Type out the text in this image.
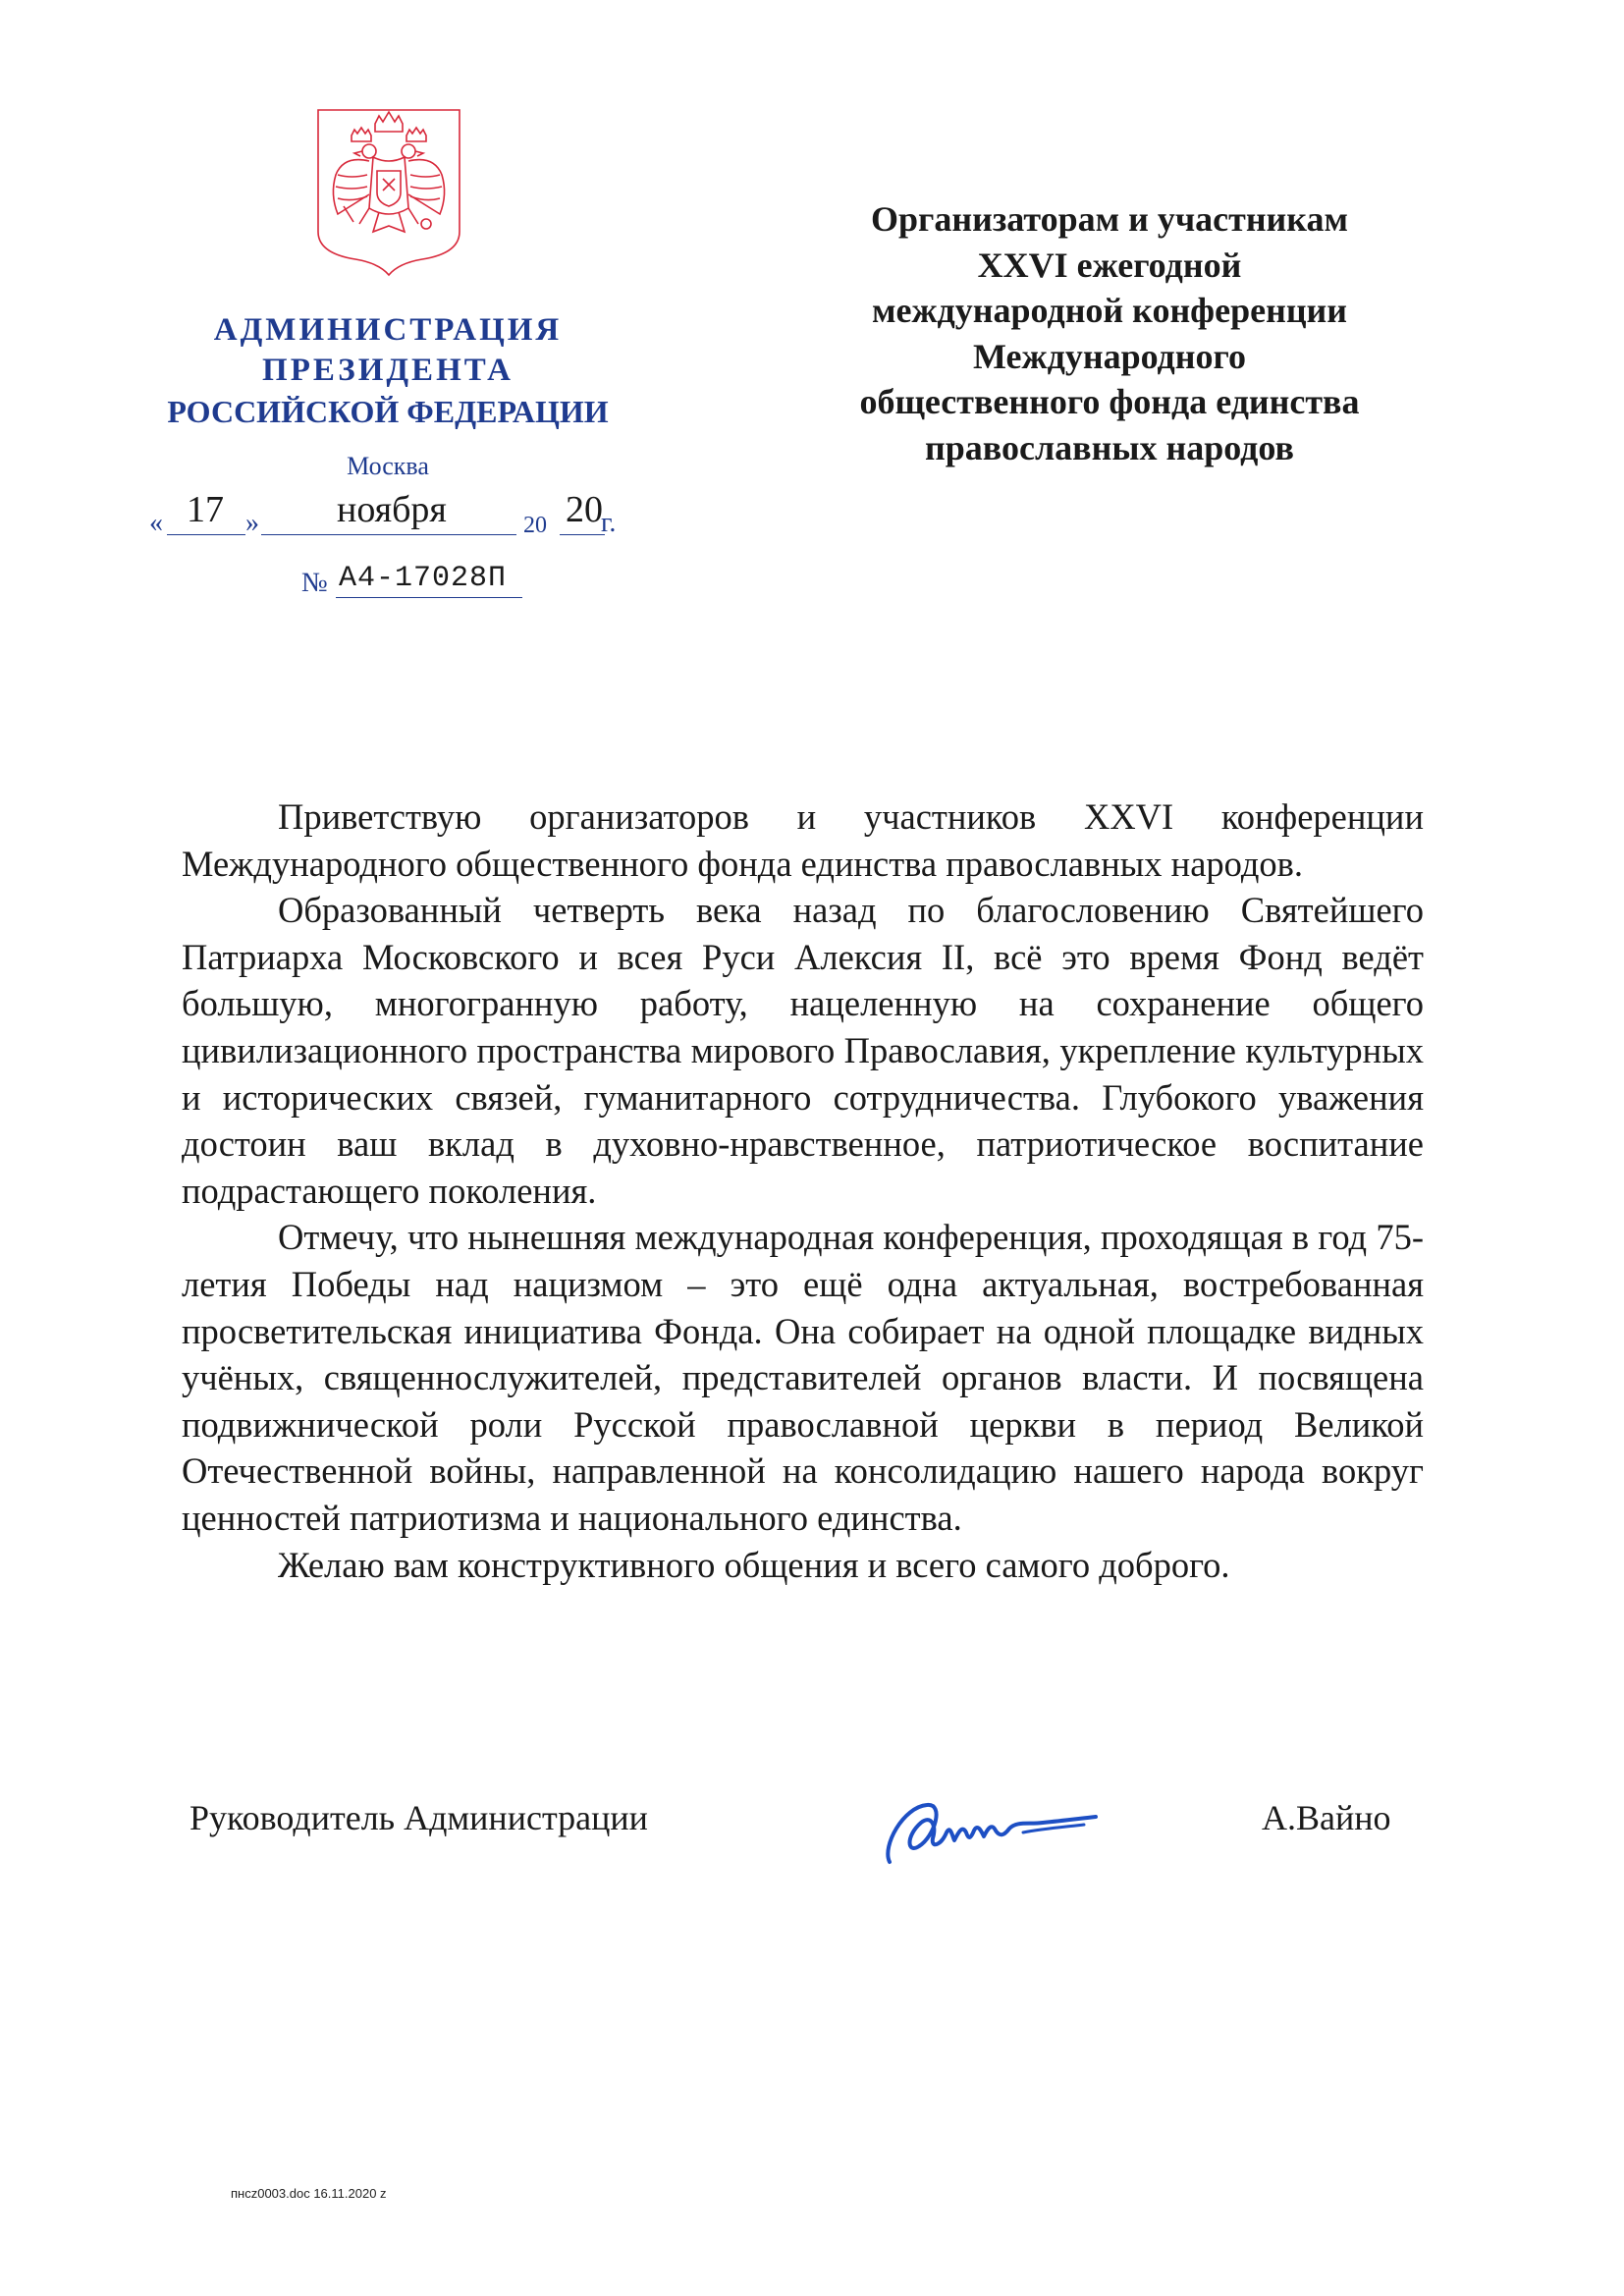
АДМИНИСТРАЦИЯ
ПРЕЗИДЕНТА
РОССИЙСКОЙ ФЕДЕРАЦИИ
Москва
« 17 » ноября	20 20
г.
№ А4-17028П
Организаторам и участникам
XXVI ежегодной
международной конференции
Международного
общественного фонда единства
православных народов

Приветствую организаторов и участников XXVI конференции Международного общественного фонда единства православных народов.

Образованный четверть века назад по благословению Святейшего Патриарха Московского и всея Руси Алексия II, всё это время Фонд ведёт большую, многогранную работу, нацеленную на сохранение общего цивилизационного пространства мирового Православия, укрепление культурных и исторических связей, гуманитарного сотрудничества. Глубокого уважения достоин ваш вклад в духовно-нравственное, патриотическое воспитание подрастающего поколения.

Отмечу, что нынешняя международная конференция, проходящая в год 75-летия Победы над нацизмом – это ещё одна актуальная, востребованная просветительская инициатива Фонда. Она собирает на одной площадке видных учёных, священнослужителей, представителей органов власти. И посвящена подвижнической роли Русской православной церкви в период Великой Отечественной войны, направленной на консолидацию нашего народа вокруг ценностей патриотизма и национального единства.

Желаю вам конструктивного общения и всего самого доброго.

Руководитель Администрации	А.Вайно
пнсz0003.doc 16.11.2020 z
